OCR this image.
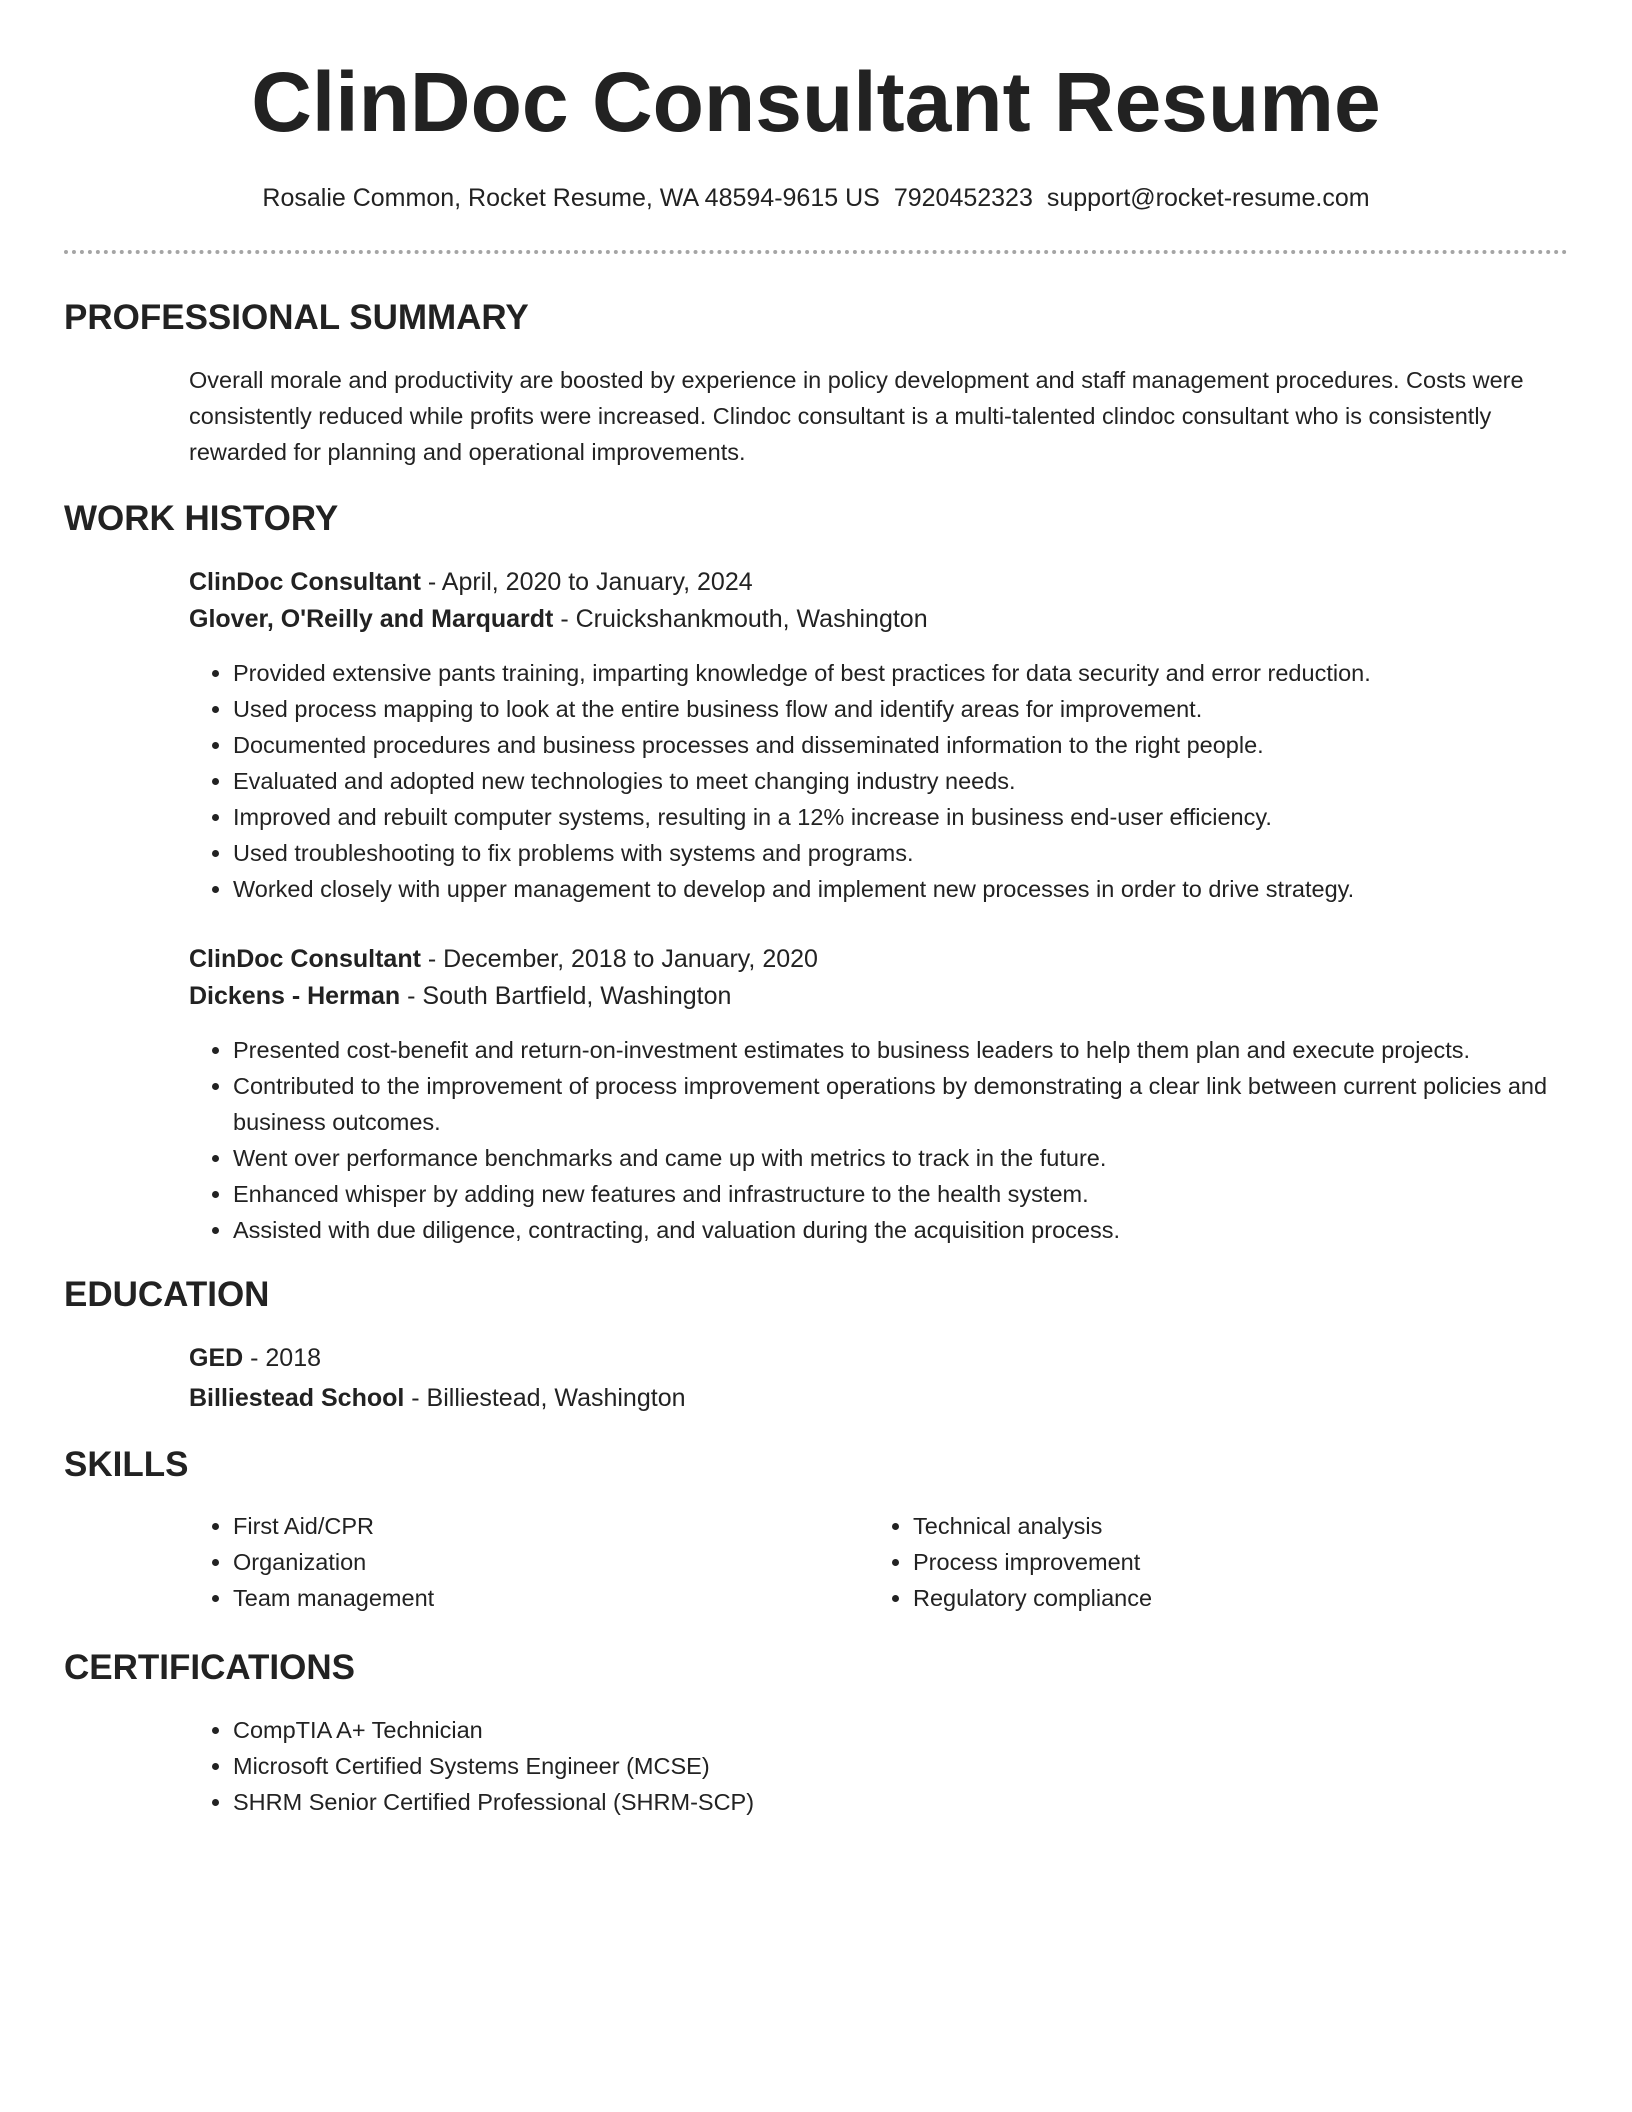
ClinDoc Consultant Resume
Rosalie Common, Rocket Resume, WA 48594-9615 US 7920452323 support@rocket-resume.com
PROFESSIONAL SUMMARY
Overall morale and productivity are boosted by experience in policy development and staff management procedures. Costs were consistently reduced while profits were increased. Clindoc consultant is a multi-talented clindoc consultant who is consistently rewarded for planning and operational improvements.
WORK HISTORY
ClinDoc Consultant - April, 2020 to January, 2024
Glover, O'Reilly and Marquardt - Cruickshankmouth, Washington
• Provided extensive pants training, imparting knowledge of best practices for data security and error reduction.
• Used process mapping to look at the entire business flow and identify areas for improvement.
• Documented procedures and business processes and disseminated information to the right people.
• Evaluated and adopted new technologies to meet changing industry needs.
• Improved and rebuilt computer systems, resulting in a 12% increase in business end-user efficiency.
• Used troubleshooting to fix problems with systems and programs.
• Worked closely with upper management to develop and implement new processes in order to drive strategy.
ClinDoc Consultant - December, 2018 to January, 2020
Dickens - Herman - South Bartfield, Washington
• Presented cost-benefit and return-on-investment estimates to business leaders to help them plan and execute projects.
• Contributed to the improvement of process improvement operations by demonstrating a clear link between current policies and business outcomes.
• Went over performance benchmarks and came up with metrics to track in the future.
• Enhanced whisper by adding new features and infrastructure to the health system.
• Assisted with due diligence, contracting, and valuation during the acquisition process.
EDUCATION
GED - 2018
Billiestead School - Billiestead, Washington
SKILLS
• First Aid/CPR
• Organization
• Team management
• Technical analysis
• Process improvement
• Regulatory compliance
CERTIFICATIONS
• CompTIA A+ Technician
• Microsoft Certified Systems Engineer (MCSE)
• SHRM Senior Certified Professional (SHRM-SCP)
